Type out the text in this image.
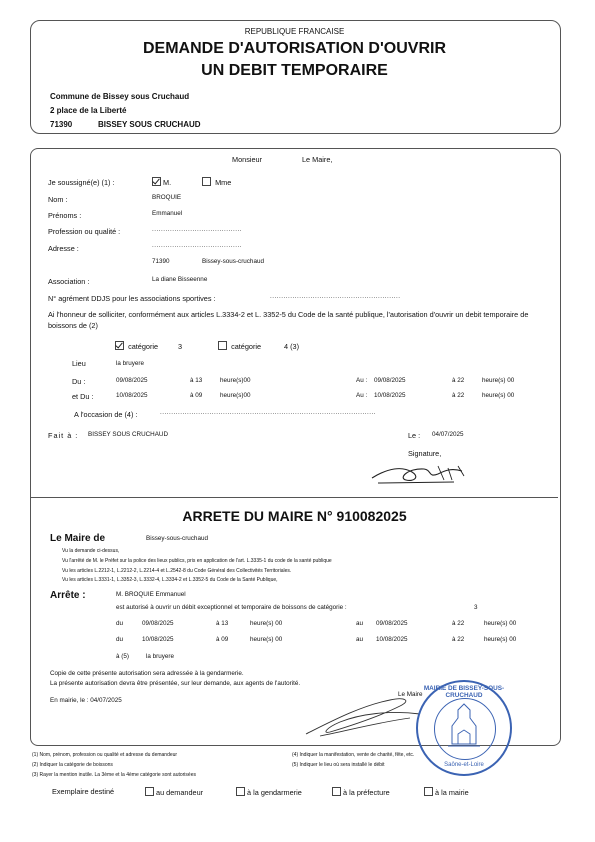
REPUBLIQUE FRANCAISE
DEMANDE D'AUTORISATION D'OUVRIR
UN DEBIT TEMPORAIRE
Commune de Bissey sous Cruchaud
2 place de la Liberté
71390	BISSEY SOUS CRUCHAUD
Monsieur	Le Maire,
Je soussigné(e) (1) :	M.	Mme
Nom :	BROQUIE
Prénoms :	Emmanuel
Profession ou qualité :	........................................
Adresse :	........................................
71390	Bissey-sous-cruchaud
Association :	La diane Bisseenne
N° agrément DDJS pour les associations sportives :	..........................................................
Ai l'honneur de solliciter, conformément aux articles L.3334-2 et L. 3352-5 du Code de la santé publique, l'autorisation d'ouvrir un debit temporaire de boissons de (2)
catégorie	3	catégorie	4 (3)
Lieu	la bruyere
Du :	09/08/2025	à 13	heure(s)00	Au : 09/08/2025	à 22	heure(s) 00
et Du :	10/08/2025	à 09	heure(s)00	Au : 10/08/2025	à 22	heure(s) 00
A l'occasion de (4) :	................................................................................................
Fait à : BISSEY SOUS CRUCHAUD	Le : 04/07/2025
Signature,
ARRETE DU MAIRE N° 910082025
Le Maire de	Bissey-sous-cruchaud
Vu la demande ci-dessus,
Vu l'arrêté de M. le Préfet sur la police des lieux publics, pris en application de l'art. L.3335-1 du code de la santé publique
Vu les articles L.2212-1, L.2212-2, L.2214-4 et L.2542-8 du Code Général des Collectivités Territoriales.
Vu les articles L.3331-1, L.3352-3, L.3332-4, L.3334-2 et L.3352-5 du Code de la Santé Publique,
Arrête :	M. BROQUIE Emmanuel
est autorisé à ouvrir un débit exceptionnel et temporaire de boissons de catégorie :	3
du	09/08/2025	à 13	heure(s) 00	au 09/08/2025	à 22	heure(s) 00
du	10/08/2025	à 09	heure(s) 00	au 10/08/2025	à 22	heure(s) 00
à (5)	la bruyere
Copie de cette présente autorisation sera adressée à la gendarmerie.
La présente autorisation devra être présentée, sur leur demande, aux agents de l'autorité.
En mairie, le : 04/07/2025
Le Maire
MAIRIE DE BISSEY-SOUS-CRUCHAUD
Saône-et-Loire
(1) Nom, prénom, profession ou qualité et adresse du demandeur
(2) Indiquer la catégorie de boissons
(3) Rayer la mention inutile. La 3ème et la 4ème catégorie sont autorisées
(4) Indiquer la manifestation, vente de charité, fête, etc.
(5) Indiquer le lieu où sera installé le débit
Exemplaire destiné	au demandeur	à la gendarmerie	à la préfecture	à la mairie
